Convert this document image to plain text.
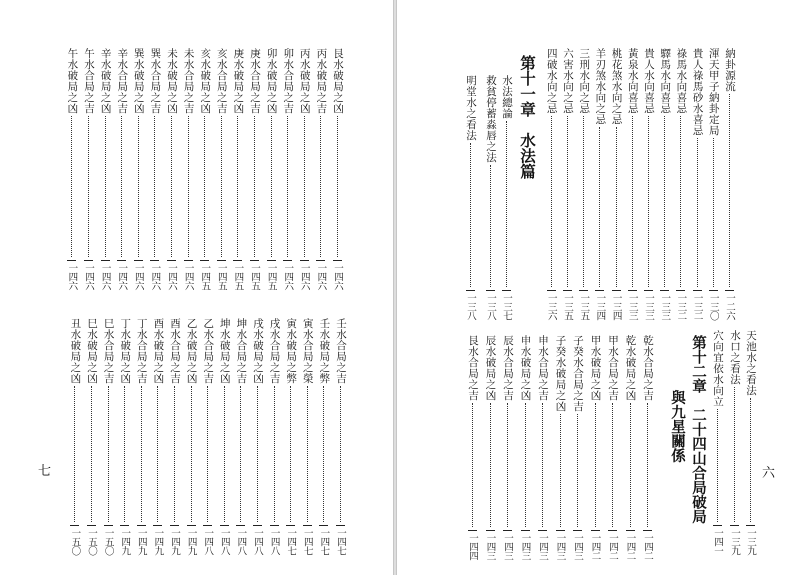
艮水破局之凶
一四六
丙水破局之吉
一四六
丙水破局之凶
一四六
卯水合局之吉
一四六
卯水破局之凶
一四五
庚水合局之吉
一四五
庚水破局之凶
一四五
亥水合局之吉
一四五
亥水破局之凶
一四五
未水合局之吉
一四六
未水破局之凶
一四六
巽水合局之吉
一四六
巽水破局之凶
一四六
辛水合局之吉
一四六
辛水破局之凶
一四六
午水合局之吉
一四六
午水破局之凶
一四六
壬水合局之吉
一四七
壬水破局之弊
一四七
寅水合局之榮
一四七
寅水破局之弊
一四七
戌水合局之吉
一四八
戌水破局之凶
一四八
坤水合局之吉
一四八
坤水破局之凶
一四八
乙水合局之吉
一四八
乙水破局之凶
一四九
酉水合局之吉
一四九
酉水破局之凶
一四九
丁水合局之吉
一四九
丁水破局之凶
一四九
巳水合局之吉
一五〇
巳水破局之凶
一五〇
丑水破局之凶
一五〇
七
納卦源流
一二六
渾天甲子納卦定局
一三〇
貴人祿馬砂水喜忌
一三二
祿馬水向喜忌
一三二
驛馬水向喜忌
一三三
貴人水向喜忌
一三三
黃泉水向喜忌
一三三
桃花煞水向之忌
一三四
羊刃煞水向之忌
一三四
三刑水向之忌
一三五
六害水向之忌
一三五
四破水向之忌
一三六
水法總論
一三七
救貧停蓄淼唇之法
一三八
明堂水之看法
一三八
第十一章　水法篇
天池水之看法
一三九
水口之看法
一三九
穴向宜依水向立
一四一
乾水合局之吉
一四二
乾水破局之凶
一四二
甲水合局之吉
一四二
甲水破局之凶
一四二
子癸水合局之吉
一四三
子癸水破局之凶
一四三
申水合局之吉
一四三
申水破局之凶
一四三
辰水合局之吉
一四三
辰水破局之凶
一四三
艮水合局之吉
一四四
第十二章　二十四山合局破局
與九星關係
六
